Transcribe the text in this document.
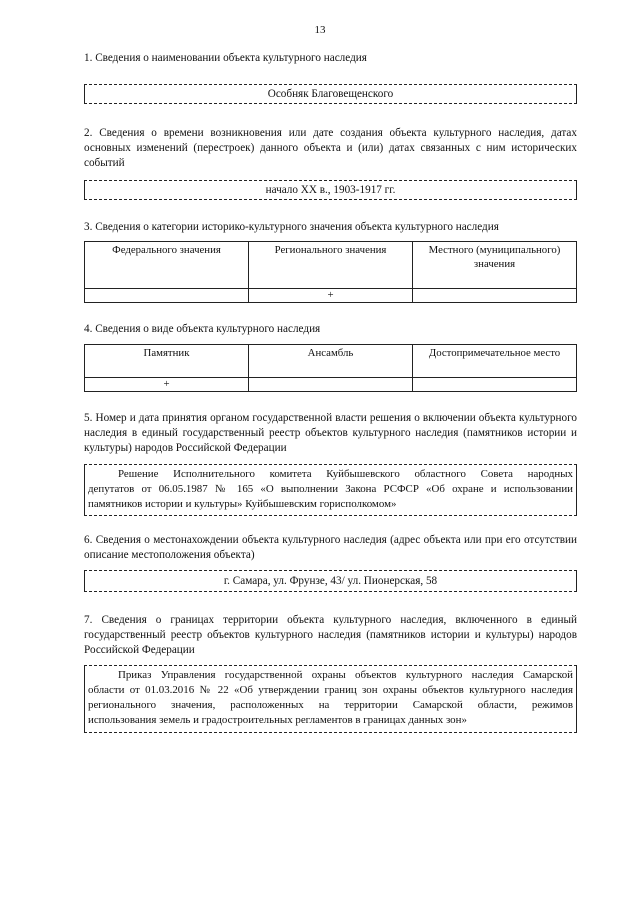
13
1. Сведения о наименовании объекта культурного наследия
Особняк Благовещенского
2. Сведения о времени возникновения или дате создания объекта культурного наследия, датах основных изменений (перестроек) данного объекта и (или) датах связанных с ним исторических событий
начало XX в., 1903-1917 гг.
3. Сведения о категории историко-культурного значения объекта культурного наследия
Федерального значения	Регионального значения	Местного (муниципального) значения
	+	
4. Сведения о виде объекта культурного наследия
Памятник	Ансамбль	Достопримечательное место
+		
5. Номер и дата принятия органом государственной власти решения о включении объекта культурного наследия в единый государственный реестр объектов культурного наследия (памятников истории и культуры) народов Российской Федерации
Решение Исполнительного комитета Куйбышевского областного Совета народных
депутатов от 06.05.1987 № 165 «О выполнении Закона РСФСР «Об охране и использовании
памятников истории и культуры» Куйбышевским горисполкомом»
6. Сведения о местонахождении объекта культурного наследия (адрес объекта или при его отсутствии описание местоположения объекта)
г. Самара, ул. Фрунзе, 43/ ул. Пионерская, 58
7. Сведения о границах территории объекта культурного наследия, включенного в единый государственный реестр объектов культурного наследия (памятников истории и культуры) народов Российской Федерации
Приказ Управления государственной охраны объектов культурного наследия Самарской
области от 01.03.2016 № 22 «Об утверждении границ зон охраны объектов культурного наследия
регионального значения, расположенных на территории Самарской области, режимов
использования земель и градостроительных регламентов в границах данных зон»
